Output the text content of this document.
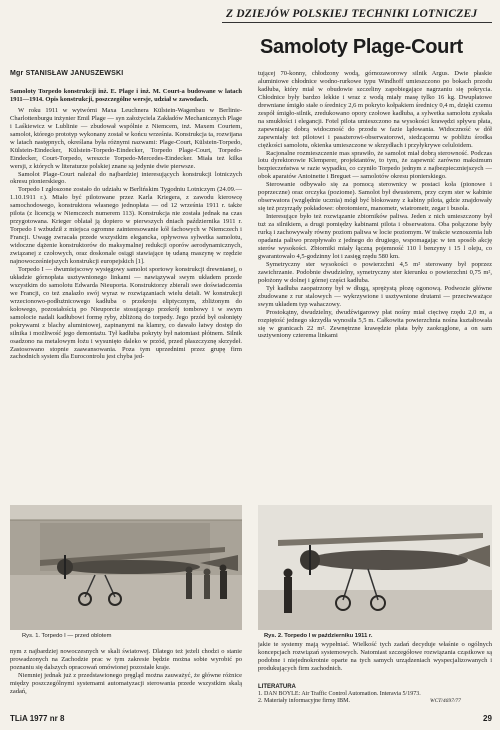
Z DZIEJÓW POLSKIEJ TECHNIKI LOTNICZEJ
Samoloty Plage-Court
Mgr STANISŁAW JANUSZEWSKI

Samoloty Torpedo konstrukcji inż. E. Plage i inż. M. Court-a budowane w latach 1911—1914. Opis konstrukcji, poszczególne wersje, udział w zawodach.

W roku 1911 w wytwórni Maxa Leuchnera Külstein-Wagenbau w Berlinie-Charlottenburgu inżynier Emil Plage — syn założyciela Zakładów Mechanicznych Plage i Laśkiewicz w Lublinie — zbudował wspólnie z Niemcem, inż. Maxem Courtem, samolot, którego prototyp wykonany został w końcu września. Konstrukcja ta, rozwijana w latach następnych, określana była różnymi nazwami: Plage-Court, Külstein-Torpedo, Külstein-Eindecker, Külstein-Torpedo-Eindecker, Torpedo Plage-Court, Torpedo-Eindecker, Court-Torpedo, wreszcie Torpedo-Mercedes-Eindecker. Miała też kilka wersji, z których w literaturze polskiej znane są jedynie dwie pierwsze.

Samolot Plage-Court należał do najbardziej interesujących konstrukcji lotniczych okresu pionierskiego.

Torpedo I zgłoszone zostało do udziału w Berlińskim Tygodniu Lotniczym (24.09.—1.10.1911 r.). Miało być pilotowane przez Karla Kriegera, z zawodu kierowcę samochodowego, konstruktora własnego jednopłata — od 12 września 1911 r. także pilota (z licencją w Niemczech numerem 113). Konstrukcja nie została jednak na czas przygotowana. Krieger oblatał ją dopiero w pierwszych dniach października 1911 r. Torpedo I wzbudził z miejsca ogromne zainteresowanie kół fachowych w Niemczech i Francji. Uwagę zwracała przede wszystkim elegancka, opływowa sylwetka samolotu, widoczne dążenie konstruktorów do maksymalnej redukcji oporów aerodynamicznych, związanej z czołowych, oraz doskonale osiągi stawiające tę udaną maszynę w rzędzie najnowocześniejszych konstrukcji europejskich [1].

Torpedo I — dwumiejscowy wysięgowy samolot sportowy konstrukcji drewnianej, o układzie górnopłata usztywnionego linkami — nawiązywał swym układem przede wszystkim do samolotu Edwarda Nieuporta. Konstruktorzy zbierali swe doświadczenia we Francji, co też znalazło swój wyraz w rozwiązaniach wielu detali. W konstrukcji wrzecionowo-podłużnicowego kadłuba o przekroju eliptycznym, zbliżonym do kołowego, pozostałością po Nieuporcie stosującego przekrój tombowy i w swym samolocie nadali kadłubowi formę ryby, zbliżoną do torpedy. Jego przód był osłonięty pokrywami z blachy aluminiowej, zapinanymi na klamry, co dawało łatwy dostęp do silnika i możliwość jego demontażu. Tył kadłuba pokryty był natomiast płótnem. Silnik osadzono na metalowym łożu i wysunięto daleko w przód, przed płaszczyznę skrzydeł. Zastosowano stopnie zaawansowania. Poza tym uprzednimi przez grupę firm zachodnich system dla Eurocontrolu jest chyba jed-

tującej 70-konny, chłodzony wodą, górnozaworowy silnik Argus. Dwie płaskie aluminiowe chłodnice wodno-rurkowe typu Windhoff umieszczono po bokach przodu kadłuba, który miał w obudowie szczeliny zapobiegające nagrzaniu się pokrycia. Chłodnice były bardzo lekkie i wraz z wodą miały masę tylko 16 kg. Dwupłatowe drewniane śmigło stałe o średnicy 2,6 m pokryto kołpakiem średnicy 0,4 m, dzięki czemu zespół śmigło-silnik, zredukowano opory czołowe kadłuba, a sylwetka samolotu zyskała na smukłości i elegancji. Fotel pilota umieszczono na wysokości krawędzi spływu płata, zapewniając dobrą widoczność do przodu w fazie lądowania. Widoczność w dół zapewniały też pilotowi i pasażerowi-obserwatorowi, siedzącemu w pobliżu środka ciężkości samolotu, okienka umieszczone w skrzydłach i przyłykrywe celuloidem.

Racjonalne rozmieszczenie mas sprawiło, że samolot miał dobrą sterowność. Podczas lotu dyrektorowie Klemperer, projektantów, to tym, że zapewnić zarówno maksimum bezpieczeństwa w razie wypadku, co czyniło Torpedo jednym z najbezpieczniejszych — obok aparatów Antoinette i Breguet — samolotów okresu pionierskiego.

Sterowanie odbywało się za pomocą sterownicy w postaci koła (pionowe i poprzeczne) oraz orczyka (poziome). Samolot był dwusterem, przy czym ster w kabinie obserwatora (względnie ucznia) mógł być blokowany z kabiny pilota, gdzie znajdowały się też przyrządy pokładowe: obrotomierz, manometr, wiatrometr, zegar i busola.

Interesujące było też rozwiązanie zbiorników paliwa. Jeden z nich umieszczony był tuż za silnikiem, a drugi pomiędzy kabinami pilota i obserwatora. Oba połączone były rurką i zachowywały równy poziom paliwa w locie poziomym. W trakcie wznoszenia lub opadania paliwo przepływało z jednego do drugiego, wspomagając w ten sposób akcję sterów wysokości. Zbiorniki miały łączną pojemność 110 l benzyny i 15 l oleju, co gwarantowało 4,5-godzinny lot i zasięg rzędu 580 km.

Symetryczny ster wysokości o powierzchni 4,5 m² sterowany był poprzez zawichrzanie. Podobnie dwudzielny, symetryczny ster kierunku o powierzchni 0,75 m², położony w dolnej i górnej części kadłuba.

Tył kadłuba zaopatrzony był w długą, sprężystą płozę ogonową. Podwozie główne zbudowane z rur stalowych — wykrzywione i usztywnione drutami — przeciwważące swym układem typ wahaczowy.

Prostokątny, dwudzielny, dwudźwigarowy płat nośny miał cięciwę rzędu 2,0 m, a rozpiętość jednego skrzydła wynosiła 5,5 m. Całkowita powierzchnia nośna kształtowała się w granicach 22 m². Zewnętrzne krawędzie płata były zaokrąglone, a on sam usztywniony czterema linkami

Rys. 1. Torpedo I — przed oblotem	Rys. 2. Torpedo I w październiku 1911 r.

nym z najbardziej nowoczesnych w skali światowej. Dlatego też jeżeli chodzi o stanie prowadzonych na Zachodzie prac w tym zakresie będzie można sobie wyrobić po poznaniu się dalszych opracowań omówionej pozostałe kraje.

Niemniej jednak już z przedstawionego pręgląd można zauważyć, że główne różnice między poszczególnymi systemami automatyzacji sterowania przede wszystkim skalą zadań,

jakie te systemy mają wypełniać. Wielkość tych zadań decyduje właśnie o ogólnych koncepcjach rozwiązań systemowych. Natomiast szczegółowe rozwiązania cząstkowe są podobne i niejednokrotnie oparte na tych samych urządzeniach wyspecjalizowanych i produkujących firm zachodnich.

LITERATURA
1. DAN BOYLE: Air Traffic Control Automation. Interavia 5/1973.
2. Materiały informacyjne firmy IBM.	WCT/4697/77
TLiA 1977 nr 8	29
